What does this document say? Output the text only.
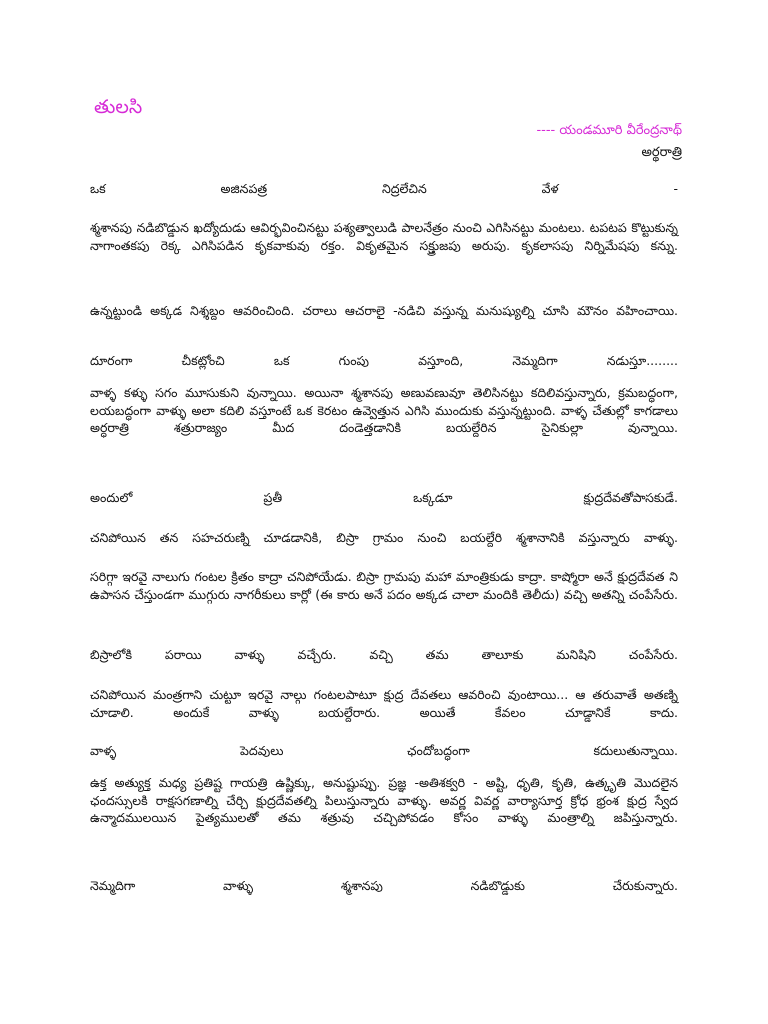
తులసి
---- యండమూరి వీరేంద్రనాథ్
అర్థరాత్రి
ఒక అజినపత్ర నిద్రలేచిన వేళ -
శ్మశానపు నడిబొడ్డున ఖద్యోదుడు ఆవిర్భవించినట్టు పశ్యత్వాలుడి పాలనేత్రం నుంచి ఎగిసినట్టు మంటలు. టపటప కొట్టుకున్న నాగాంతకపు రెక్క ఎగిసిపడిన కృకవాకువు రక్తం. వికృతమైన సక్ర్త్రుజపు అరుపు. కృకలాసపు నిర్నిమేషపు కన్ను.
ఉన్నట్టుండి అక్కడ నిశ్శబ్దం ఆవరించింది. చరాలు ఆచరాలై -నడిచి వస్తున్న మనుష్యుల్ని చూసి మౌనం వహించాయి.
దూరంగా చీకట్లోంచి ఒక గుంపు వస్తూంది, నెమ్మదిగా నడుస్తూ........
వాళ్ళ కళ్ళు సగం మూసుకుని వున్నాయి. అయినా శ్మశానపు అణువణువూ తెలిసినట్టు కదిలివస్తున్నారు, క్రమబద్ధంగా, లయబద్ధంగా వాళ్ళు అలా కదిలి వస్తూంటే ఒక కెరటం ఉవ్వెత్తున ఎగిసి ముందుకు వస్తున్నట్టుంది. వాళ్ళ చేతుల్లో కాగడాలు అర్ధరాత్రి శత్రురాజ్యం మీద దండెత్తడానికి బయల్దేరిన సైనికుల్లా వున్నాయి.
అందులో ప్రతీ ఒక్కడూ క్షుద్రదేవతోపాసకుడే.
చనిపోయిన తన సహచరుణ్ని చూడడానికి, బిస్రా గ్రామం నుంచి బయల్దేరి శ్మశానానికి వస్తున్నారు వాళ్ళు.
సరిగ్గా ఇరవై నాలుగు గంటల క్రితం కాద్రా చనిపోయేడు. బిస్రా గ్రామపు మహా మాంత్రికుడు కాద్రా. కాష్మోరా అనే క్షుద్రదేవత ని ఉపాసన చేస్తుండగా ముగ్గురు నాగరీకులు కార్లో (ఈ కారు అనే పదం అక్కడ చాలా మందికి తెలీదు) వచ్చి అతన్ని చంపేసేరు.
బిస్రాలోకి పరాయి వాళ్ళు వచ్చేరు. వచ్చి తమ తాలూకు మనిషిని చంపేసేరు.
చనిపోయిన మంత్రగాని చుట్టూ ఇరవై నాల్గు గంటలపాటూ క్షుద్ర దేవతలు ఆవరించి వుంటాయి... ఆ తరువాతే అతణ్ని చూడాలి. అందుకే వాళ్ళు బయల్దేరారు. అయితే కేవలం చూడ్డానికే కాదు.
వాళ్ళ పెదవులు ఛందోబద్ధంగా కదులుతున్నాయి.
ఉక్త అత్యుక్త మధ్య ప్రతిష్ట గాయత్రి ఉష్ణిక్కు, అనుష్టుప్పు. ప్రజ్ఞ -అతిశక్వరి - అష్టి, ధృతి, కృతి, ఉత్కృతి మొదలైన ఛందస్సులకి రాక్షసగణాల్ని చేర్చి క్షుద్రదేవతల్ని పిలుస్తున్నారు వాళ్ళు. అవర్ణ వివర్ణ వార్యాసూర్త క్రోధ భ్రంశ క్షుద్ర స్వేద ఉన్మాదములయిన పైత్యములతో తమ శత్రువు చచ్చిపోవడం కోసం వాళ్ళు మంత్రాల్ని జపిస్తున్నారు.
నెమ్మదిగా వాళ్ళు శ్మశానపు నడిబొడ్డుకు చేరుకున్నారు.
